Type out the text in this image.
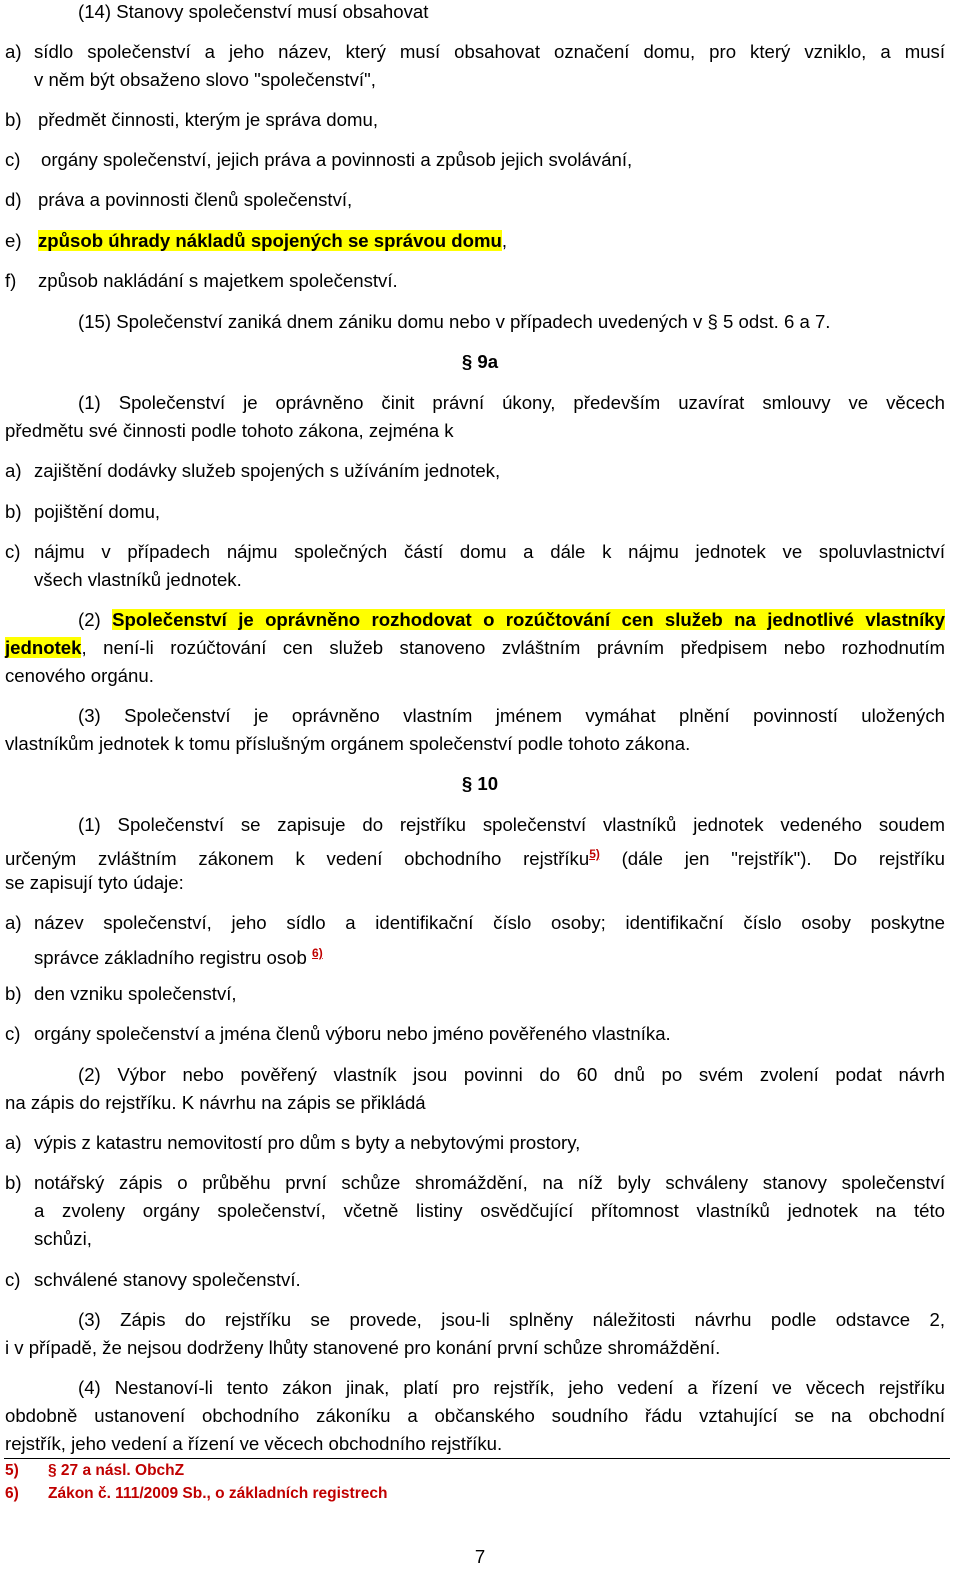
(14) Stanovy společenství musí obsahovat
a) sídlo společenství a jeho název, který musí obsahovat označení domu, pro který vzniklo, a musí
v něm být obsaženo slovo "společenství",
b) předmět činnosti, kterým je správa domu,
c) orgány společenství, jejich práva a povinnosti a způsob jejich svolávání,
d) práva a povinnosti členů společenství,
e) způsob úhrady nákladů spojených se správou domu,
f) způsob nakládání s majetkem společenství.
(15) Společenství zaniká dnem zániku domu nebo v případech uvedených v § 5 odst. 6 a 7.
§ 9a
(1) Společenství je oprávněno činit právní úkony, především uzavírat smlouvy ve věcech
předmětu své činnosti podle tohoto zákona, zejména k
a) zajištění dodávky služeb spojených s užíváním jednotek,
b) pojištění domu,
c) nájmu v případech nájmu společných částí domu a dále k nájmu jednotek ve spoluvlastnictví
všech vlastníků jednotek.
(2) Společenství je oprávněno rozhodovat o rozúčtování cen služeb na jednotlivé vlastníky
jednotek, není-li rozúčtování cen služeb stanoveno zvláštním právním předpisem nebo rozhodnutím
cenového orgánu.
(3) Společenství je oprávněno vlastním jménem vymáhat plnění povinností uložených
vlastníkům jednotek k tomu příslušným orgánem společenství podle tohoto zákona.
§ 10
(1) Společenství se zapisuje do rejstříku společenství vlastníků jednotek vedeného soudem
určeným zvláštním zákonem k vedení obchodního rejstříku$^{5)}$ (dále jen "rejstřík"). Do rejstříku
se zapisují tyto údaje:
a) název společenství, jeho sídlo a identifikační číslo osoby; identifikační číslo osoby poskytne
správce základního registru osob $^{6)}$
b) den vzniku společenství,
c) orgány společenství a jména členů výboru nebo jméno pověřeného vlastníka.
(2) Výbor nebo pověřený vlastník jsou povinni do 60 dnů po svém zvolení podat návrh
na zápis do rejstříku. K návrhu na zápis se přikládá
a) výpis z katastru nemovitostí pro dům s byty a nebytovými prostory,
b) notářský zápis o průběhu první schůze shromáždění, na níž byly schváleny stanovy společenství
a zvoleny orgány společenství, včetně listiny osvědčující přítomnost vlastníků jednotek na této
schůzi,
c) schválené stanovy společenství.
(3) Zápis do rejstříku se provede, jsou-li splněny náležitosti návrhu podle odstavce 2,
i v případě, že nejsou dodrženy lhůty stanovené pro konání první schůze shromáždění.
(4) Nestanoví-li tento zákon jinak, platí pro rejstřík, jeho vedení a řízení ve věcech rejstříku
obdobně ustanovení obchodního zákoníku a občanského soudního řádu vztahující se na obchodní
rejstřík, jeho vedení a řízení ve věcech obchodního rejstříku.
5) § 27 a násl. ObchZ
6) Zákon č. 111/2009 Sb., o základních registrech
7
